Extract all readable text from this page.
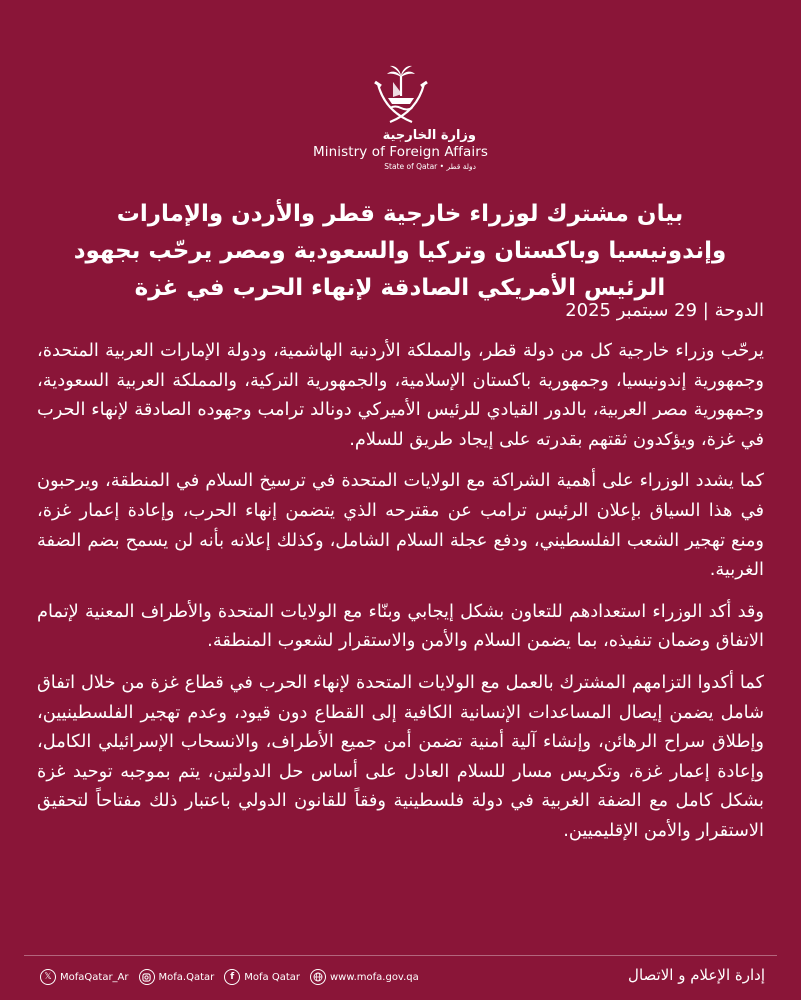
وزارة الخارجية
Ministry of Foreign Affairs
State of Qatar • دولة قطر
بيان مشترك لوزراء خارجية قطر والأردن والإمارات وإندونيسيا وباكستان وتركيا والسعودية ومصر يرحّب بجهود الرئيس الأمريكي الصادقة لإنهاء الحرب في غزة
الدوحة | 29 سبتمبر 2025

يرحّب وزراء خارجية كل من دولة قطر، والمملكة الأردنية الهاشمية، ودولة الإمارات العربية المتحدة، وجمهورية إندونيسيا، وجمهورية باكستان الإسلامية، والجمهورية التركية، والمملكة العربية السعودية، وجمهورية مصر العربية، بالدور القيادي للرئيس الأميركي دونالد ترامب وجهوده الصادقة لإنهاء الحرب في غزة، ويؤكدون ثقتهم بقدرته على إيجاد طريق للسلام.

كما يشدد الوزراء على أهمية الشراكة مع الولايات المتحدة في ترسيخ السلام في المنطقة، ويرحبون في هذا السياق بإعلان الرئيس ترامب عن مقترحه الذي يتضمن إنهاء الحرب، وإعادة إعمار غزة، ومنع تهجير الشعب الفلسطيني، ودفع عجلة السلام الشامل، وكذلك إعلانه بأنه لن يسمح بضم الضفة الغربية.

وقد أكد الوزراء استعدادهم للتعاون بشكل إيجابي وبنّاء مع الولايات المتحدة والأطراف المعنية لإتمام الاتفاق وضمان تنفيذه، بما يضمن السلام والأمن والاستقرار لشعوب المنطقة.

كما أكدوا التزامهم المشترك بالعمل مع الولايات المتحدة لإنهاء الحرب في قطاع غزة من خلال اتفاق شامل يضمن إيصال المساعدات الإنسانية الكافية إلى القطاع دون قيود، وعدم تهجير الفلسطينيين، وإطلاق سراح الرهائن، وإنشاء آلية أمنية تضمن أمن جميع الأطراف، والانسحاب الإسرائيلي الكامل، وإعادة إعمار غزة، وتكريس مسار للسلام العادل على أساس حل الدولتين، يتم بموجبه توحيد غزة بشكل كامل مع الضفة الغربية في دولة فلسطينية وفقاً للقانون الدولي باعتبار ذلك مفتاحاً لتحقيق الاستقرار والأمن الإقليميين.

𝕏 MofaQatar_Ar	Mofa.Qatar	f	Mofa Qatar	www.mofa.gov.qa	إدارة الإعلام و الاتصال
